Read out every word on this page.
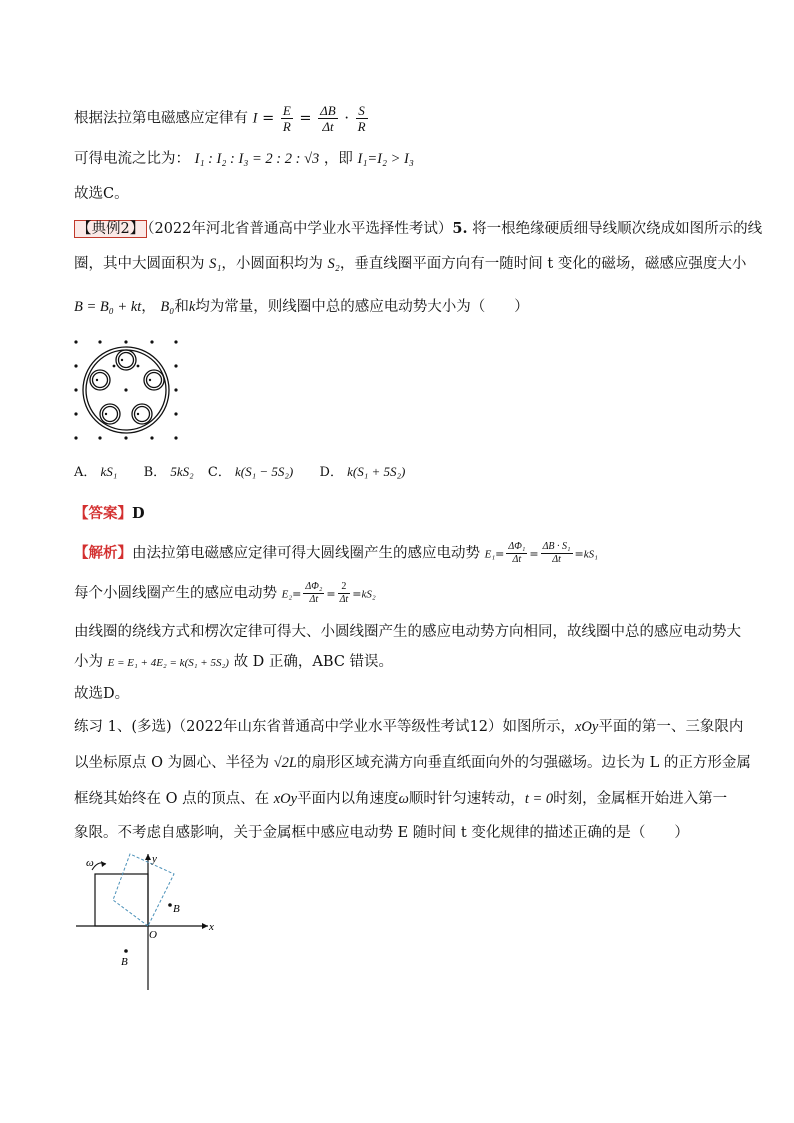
根据法拉第电磁感应定律有 $I = \frac{E}{R} = \frac{\Delta B}{\Delta t} \cdot \frac{S}{R}$
可得电流之比为： I₁ : I₂ : I₃ = 2 : 2 : √3 ，即 I₁=I₂ > I₃
故选C。
【典例2】 （2022年河北省普通高中学业水平选择性考试）5. 将一根绝缘硬质细导线顺次绕成如图所示的线
圈，其中大圆面积为 S₁，小圆面积均为 S₂，垂直线圈平面方向有一随时间 t 变化的磁场，磁感应强度大小
B = B₀ + kt， B₀和k均为常量，则线圈中总的感应电动势大小为（　　）
A． kS₁ B． 5kS₂ C． k(S₁ − 5S₂) D． k(S₁ + 5S₂)
【答案】D
【解析】由法拉第电磁感应定律可得大圆线圈产生的感应电动势 $E_1= \frac{\text{ΔΦ₁}}{\Delta t} = \frac{\text{ΔB · S₁}}{\Delta t} =kS_1$
每个小圆线圈产生的感应电动势 $E_2= \frac{\text{ΔΦ₂}}{\Delta t} = \frac{2}{\Delta t} =kS_2$
由线圈的绕线方式和楞次定律可得大、小圆线圈产生的感应电动势方向相同，故线圈中总的感应电动势大
小为 E = E₁ + 4E₂ = k(S₁ + 5S₂) 故 D 正确，ABC 错误。
故选D。
练习 1、(多选)（2022年山东省普通高中学业水平等级性考试12）如图所示，xOy平面的第一、三象限内
以坐标原点 O 为圆心、半径为 √2L的扇形区域充满方向垂直纸面向外的匀强磁场。边长为 L 的正方形金属
框绕其始终在 O 点的顶点、在 xOy平面内以角速度ω顺时针匀速转动，t = 0时刻，金属框开始进入第一
象限。不考虑自感影响，关于金属框中感应电动势 E 随时间 t 变化规律的描述正确的是（　　）
ω	y
x
O
B
B
